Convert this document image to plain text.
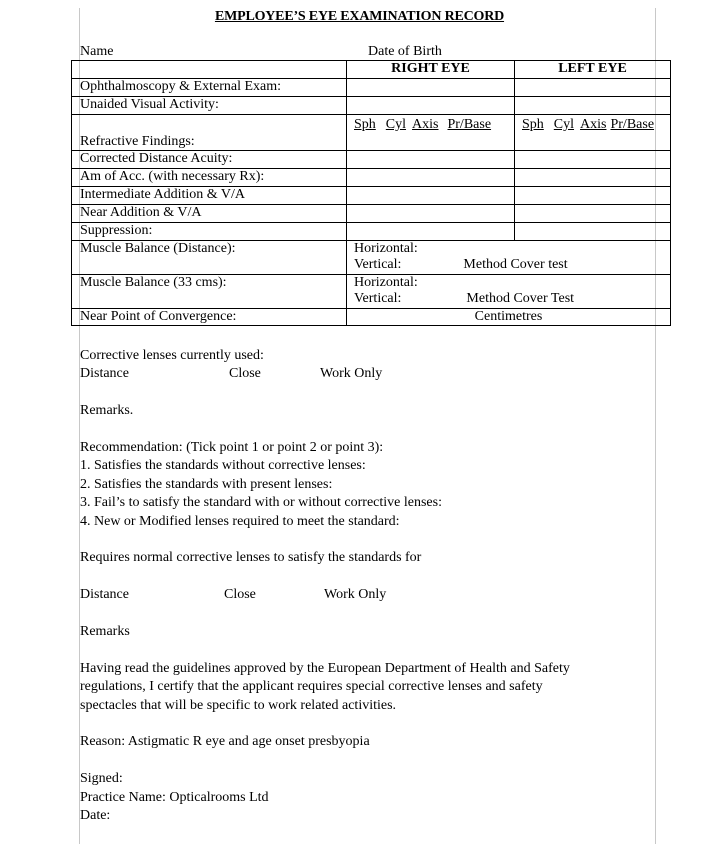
EMPLOYEE’S EYE EXAMINATION RECORD
Name	Date of Birth
	RIGHT EYE	LEFT EYE
Ophthalmoscopy & External Exam:		
Unaided Visual Activity:		
Refractive Findings:	Sph Cyl Axis Pr/Base	Sph Cyl Axis Pr/Base
Corrected Distance Acuity:		
Am of Acc. (with necessary Rx):		
Intermediate Addition & V/A		
Near Addition & V/A		
Suppression:		
Muscle Balance (Distance):	Horizontal:
Vertical: Method Cover test	

Muscle Balance (33 cms):	Horizontal:
Vertical: Method Cover Test	

Near Point of Convergence:	Centimetres	
Corrective lenses currently used:
Distance	Close	Work Only
Remarks.
Recommendation: (Tick point 1 or point 2 or point 3):
1. Satisfies the standards without corrective lenses:
2. Satisfies the standards with present lenses:
3. Fail’s to satisfy the standard with or without corrective lenses:
4. New or Modified lenses required to meet the standard:
Requires normal corrective lenses to satisfy the standards for
Distance	Close	Work Only
Remarks
Having read the guidelines approved by the European Department of Health and Safety
regulations, I certify that the applicant requires special corrective lenses and safety
spectacles that will be specific to work related activities.
Reason: Astigmatic R eye and age onset presbyopia
Signed:
Practice Name: Opticalrooms Ltd
Date:
